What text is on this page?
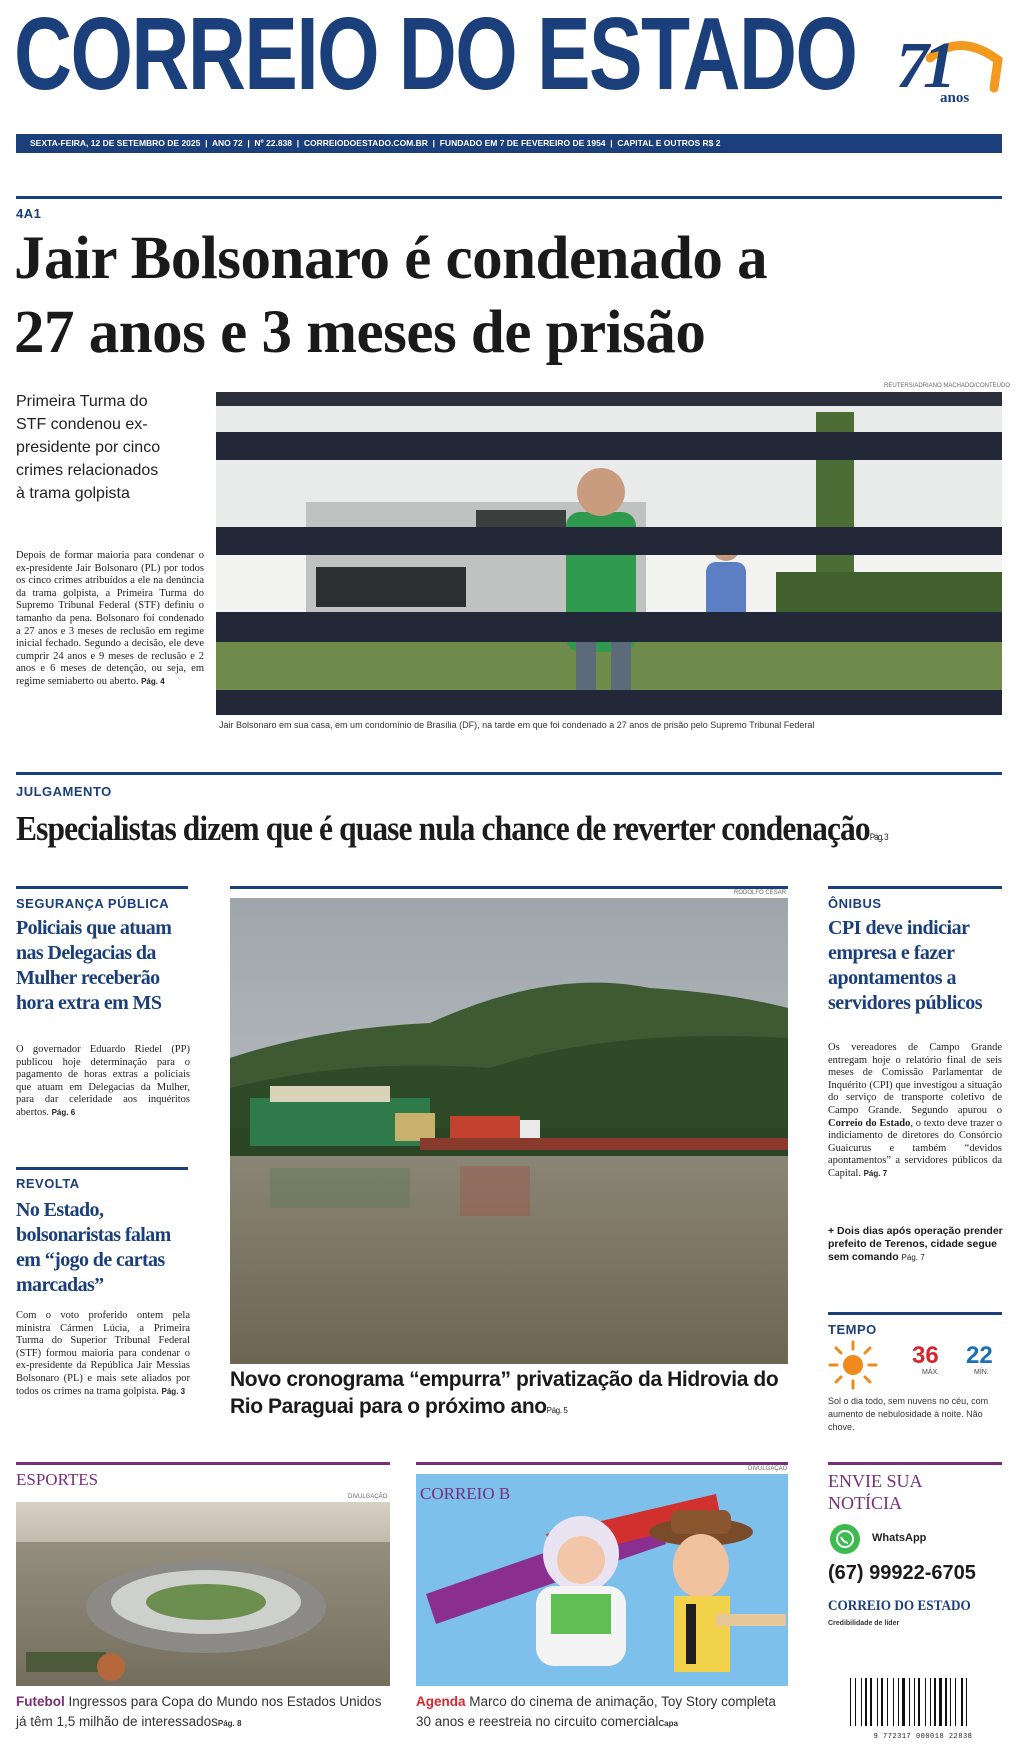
CORREIO DO ESTADO 71
anos
SEXTA-FEIRA, 12 DE SETEMBRO DE 2025  |  ANO 72  |  Nº 22.838  |  CORREIODOESTADO.COM.BR  |  FUNDADO EM 7 DE FEVEREIRO DE 1954  |  CAPITAL E OUTROS R$ 2
4A1
Jair Bolsonaro é condenado a
27 anos e 3 meses de prisão
Primeira Turma do STF condenou ex-presidente por cinco crimes relacionados à trama golpista
Depois de formar maioria para condenar o ex-presidente Jair Bolsonaro (PL) por todos os cinco crimes atribuídos a ele na denúncia da trama golpista, a Primeira Turma do Supremo Tribunal Federal (STF) definiu o tamanho da pena. Bolsonaro foi condenado a 27 anos e 3 meses de reclusão em regime inicial fechado. Segundo a decisão, ele deve cumprir 24 anos e 9 meses de reclusão e 2 anos e 6 meses de detenção, ou seja, em regime semiaberto ou aberto. Pág. 4
REUTERS/ADRIANO MACHADO/CONTEÚDO
Jair Bolsonaro em sua casa, em um condomínio de Brasília (DF), na tarde em que foi condenado a 27 anos de prisão pelo Supremo Tribunal Federal
JULGAMENTO
Especialistas dizem que é quase nula chance de reverter condenaçãoPág. 3
SEGURANÇA PÚBLICA
Policiais que atuam nas Delegacias da Mulher receberão hora extra em MS
O governador Eduardo Riedel (PP) publicou hoje determinação para o pagamento de horas extras a policiais que atuam em Delegacias da Mulher, para dar celeridade aos inquéritos abertos. Pág. 6
REVOLTA
No Estado, bolsonaristas falam em “jogo de cartas marcadas”
Com o voto proferido ontem pela ministra Cármen Lúcia, a Primeira Turma do Superior Tribunal Federal (STF) formou maioria para condenar o ex-presidente da República Jair Messias Bolsonaro (PL) e mais sete aliados por todos os crimes na trama golpista. Pág. 3
RODOLFO CESAR
Novo cronograma “empurra” privatização da Hidrovia do Rio Paraguai para o próximo anoPág. 5
ÔNIBUS
CPI deve indiciar empresa e fazer apontamentos a servidores públicos
Os vereadores de Campo Grande entregam hoje o relatório final de seis meses de Comissão Parlamentar de Inquérito (CPI) que investigou a situação do serviço de transporte coletivo de Campo Grande. Segundo apurou o Correio do Estado, o texto deve trazer o indiciamento de diretores do Consórcio Guaicurus e também “devidos apontamentos” a servidores públicos da Capital. Pág. 7
+ Dois dias após operação prender prefeito de Terenos, cidade segue sem comando Pág. 7
TEMPO
36
MÁX.
22
MÍN.
Sol o dia todo, sem nuvens no céu, com aumento de nebulosidade à noite. Não chove.
ESPORTES
DIVULGAÇÃO
Futebol Ingressos para Copa do Mundo nos Estados Unidos já têm 1,5 milhão de interessadosPág. 8
DIVULGAÇÃO
CORREIO B
Agenda Marco do cinema de animação, Toy Story completa 30 anos e reestreia no circuito comercialCapa
ENVIE SUA NOTÍCIA
WhatsApp
(67) 99922-6705
CORREIO DO ESTADO
Credibilidade de líder
9 772317 000018 22838
